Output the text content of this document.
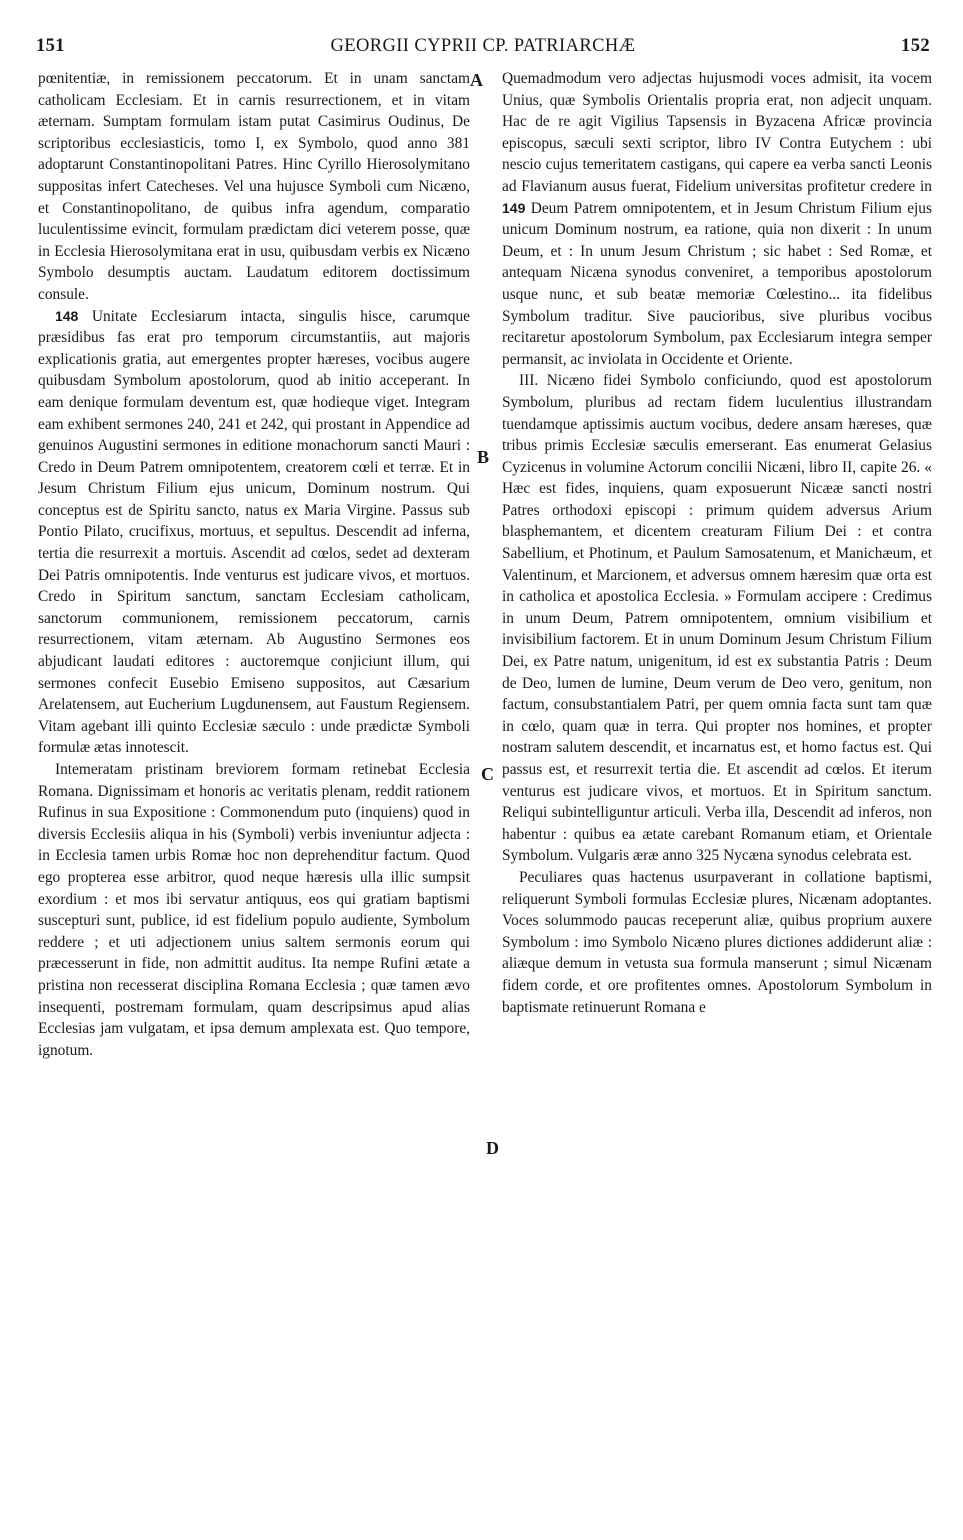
151	GEORGII CYPRII CP. PATRIARCHÆ	152
A
B
C
D

pœnitentiæ, in remissionem peccatorum. Et in unam sanctam catholicam Ecclesiam. Et in carnis resurrectionem, et in vitam æternam. Sumptam formulam istam putat Casimirus Oudinus, De scriptoribus ecclesiasticis, tomo I, ex Symbolo, quod anno 381 adoptarunt Constantinopolitani Patres. Hinc Cyrillo Hierosolymitano suppositas infert Catecheses. Vel una hujusce Symboli cum Nicæno, et Constantinopolitano, de quibus infra agendum, comparatio luculentissime evincit, formulam prædictam dici veterem posse, quæ in Ecclesia Hierosolymitana erat in usu, quibusdam verbis ex Nicæno Symbolo desumptis auctam. Laudatum editorem doctissimum consule.

148 Unitate Ecclesiarum intacta, singulis hisce, carumque præsidibus fas erat pro temporum circumstantiis, aut majoris explicationis gratia, aut emergentes propter hæreses, vocibus augere quibusdam Symbolum apostolorum, quod ab initio acceperant. In eam denique formulam deventum est, quæ hodieque viget. Integram eam exhibent sermones 240, 241 et 242, qui prostant in Appendice ad genuinos Augustini sermones in editione monachorum sancti Mauri : Credo in Deum Patrem omnipotentem, creatorem cœli et terræ. Et in Jesum Christum Filium ejus unicum, Dominum nostrum. Qui conceptus est de Spiritu sancto, natus ex Maria Virgine. Passus sub Pontio Pilato, crucifixus, mortuus, et sepultus. Descendit ad inferna, tertia die resurrexit a mortuis. Ascendit ad cœlos, sedet ad dexteram Dei Patris omnipotentis. Inde venturus est judicare vivos, et mortuos. Credo in Spiritum sanctum, sanctam Ecclesiam catholicam, sanctorum communionem, remissionem peccatorum, carnis resurrectionem, vitam æternam. Ab Augustino Sermones eos abjudicant laudati editores : auctoremque conjiciunt illum, qui sermones confecit Eusebio Emiseno suppositos, aut Cæsarium Arelatensem, aut Eucherium Lugdunensem, aut Faustum Regiensem. Vitam agebant illi quinto Ecclesiæ sæculo : unde prædictæ Symboli formulæ ætas innotescit.

Intemeratam pristinam breviorem formam retinebat Ecclesia Romana. Dignissimam et honoris ac veritatis plenam, reddit rationem Rufinus in sua Expositione : Commonendum puto (inquiens) quod in diversis Ecclesiis aliqua in his (Symboli) verbis inveniuntur adjecta : in Ecclesia tamen urbis Romæ hoc non deprehenditur factum. Quod ego propterea esse arbitror, quod neque hæresis ulla illic sumpsit exordium : et mos ibi servatur antiquus, eos qui gratiam baptismi suscepturi sunt, publice, id est fidelium populo audiente, Symbolum reddere ; et uti adjectionem unius saltem sermonis eorum qui præcesserunt in fide, non admittit auditus. Ita nempe Rufini ætate a pristina non recesserat disciplina Romana Ecclesia ; quæ tamen ævo insequenti, postremam formulam, quam descripsimus apud alias Ecclesias jam vulgatam, et ipsa demum amplexata est. Quo tempore, ignotum.

Quemadmodum vero adjectas hujusmodi voces admisit, ita vocem Unius, quæ Symbolis Orientalis propria erat, non adjecit unquam. Hac de re agit Vigilius Tapsensis in Byzacena Africæ provincia episcopus, sæculi sexti scriptor, libro IV Contra Eutychem : ubi nescio cujus temeritatem castigans, qui capere ea verba sancti Leonis ad Flavianum ausus fuerat, Fidelium universitas profitetur credere in 149 Deum Patrem omnipotentem, et in Jesum Christum Filium ejus unicum Dominum nostrum, ea ratione, quia non dixerit : In unum Deum, et : In unum Jesum Christum ; sic habet : Sed Romæ, et antequam Nicæna synodus conveniret, a temporibus apostolorum usque nunc, et sub beatæ memoriæ Cœlestino... ita fidelibus Symbolum traditur. Sive paucioribus, sive pluribus vocibus recitaretur apostolorum Symbolum, pax Ecclesiarum integra semper permansit, ac inviolata in Occidente et Oriente.

III. Nicæno fidei Symbolo conficiundo, quod est apostolorum Symbolum, pluribus ad rectam fidem luculentius illustrandam tuendamque aptissimis auctum vocibus, dedere ansam hæreses, quæ tribus primis Ecclesiæ sæculis emerserant. Eas enumerat Gelasius Cyzicenus in volumine Actorum concilii Nicæni, libro II, capite 26. « Hæc est fides, inquiens, quam exposuerunt Nicææ sancti nostri Patres orthodoxi episcopi : primum quidem adversus Arium blasphemantem, et dicentem creaturam Filium Dei : et contra Sabellium, et Photinum, et Paulum Samosatenum, et Manichæum, et Valentinum, et Marcionem, et adversus omnem hæresim quæ orta est in catholica et apostolica Ecclesia. » Formulam accipere : Credimus in unum Deum, Patrem omnipotentem, omnium visibilium et invisibilium factorem. Et in unum Dominum Jesum Christum Filium Dei, ex Patre natum, unigenitum, id est ex substantia Patris : Deum de Deo, lumen de lumine, Deum verum de Deo vero, genitum, non factum, consubstantialem Patri, per quem omnia facta sunt tam quæ in cœlo, quam quæ in terra. Qui propter nos homines, et propter nostram salutem descendit, et incarnatus est, et homo factus est. Qui passus est, et resurrexit tertia die. Et ascendit ad cœlos. Et iterum venturus est judicare vivos, et mortuos. Et in Spiritum sanctum. Reliqui subintelliguntur articuli. Verba illa, Descendit ad inferos, non habentur : quibus ea ætate carebant Romanum etiam, et Orientale Symbolum. Vulgaris æræ anno 325 Nycæna synodus celebrata est.

Peculiares quas hactenus usurpaverant in collatione baptismi, reliquerunt Symboli formulas Ecclesiæ plures, Nicænam adoptantes. Voces solummodo paucas receperunt aliæ, quibus proprium auxere Symbolum : imo Symbolo Nicæno plures dictiones addiderunt aliæ : aliæque demum in vetusta sua formula manserunt ; simul Nicænam fidem corde, et ore profitentes omnes. Apostolorum Symbolum in baptismate retinuerunt Romana e
